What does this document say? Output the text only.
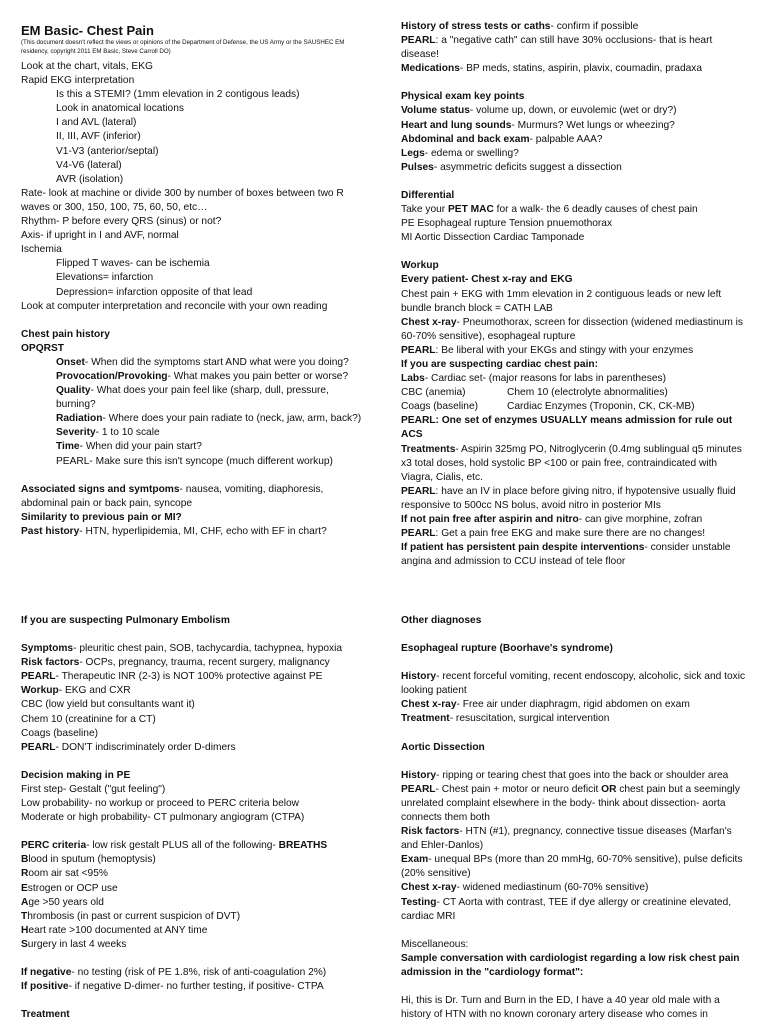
EM Basic- Chest Pain
(This document doesn't reflect the views or opinions of the Department of Defense, the US Army or the SAUSHEC EM residency, copyright 2011 EM Basic, Steve Carroll DO)
Look at the chart, vitals, EKG
Rapid EKG interpretation
Is this a STEMI? (1mm elevation in 2 contigous leads)
Look in anatomical locations
I and AVL (lateral)
II, III, AVF (inferior)
V1-V3 (anterior/septal)
V4-V6 (lateral)
AVR (isolation)
Rate- look at machine or divide 300 by number of boxes between two R waves or 300, 150, 100, 75, 60, 50, etc…
Rhythm- P before every QRS (sinus) or not?
Axis- if upright in I and AVF, normal
Ischemia
Flipped T waves- can be ischemia
Elevations= infarction
Depression= infarction opposite of that lead
Look at computer interpretation and reconcile with your own reading
Chest pain history
OPQRST
Onset- When did the symptoms start AND what were you doing?
Provocation/Provoking- What makes you pain better or worse?
Quality- What does your pain feel like (sharp, dull, pressure, burning?
Radiation- Where does your pain radiate to (neck, jaw, arm, back?)
Severity- 1 to 10 scale
Time- When did your pain start?
PEARL- Make sure this isn't syncope (much different workup)
Associated signs and symtpoms- nausea, vomiting, diaphoresis, abdominal pain or back pain, syncope
Similarity to previous pain or MI?
Past history- HTN, hyperlipidemia, MI, CHF, echo with EF in chart?
History of stress tests or caths- confirm if possible
PEARL: a "negative cath" can still have 30% occlusions- that is heart disease!
Medications- BP meds, statins, aspirin, plavix, coumadin, pradaxa
Physical exam key points
Volume status- volume up, down, or euvolemic (wet or dry?)
Heart and lung sounds- Murmurs? Wet lungs or wheezing?
Abdominal and back exam- palpable AAA?
Legs- edema or swelling?
Pulses- asymmetric deficits suggest a dissection
Differential
Take your PET MAC for a walk- the 6 deadly causes of chest pain
PE Esophageal rupture Tension pnuemothorax
MI Aortic Dissection Cardiac Tamponade
Workup
Every patient- Chest x-ray and EKG
Chest pain + EKG with 1mm elevation in 2 contiguous leads or new left bundle branch block = CATH LAB
Chest x-ray- Pneumothorax, screen for dissection (widened mediastinum is 60-70% sensitive), esophageal rupture
PEARL: Be liberal with your EKGs and stingy with your enzymes
If you are suspecting cardiac chest pain:
Labs- Cardiac set- (major reasons for labs in parentheses)
CBC (anemia)	Chem 10 (electrolyte abnormalities)
Coags (baseline)	Cardiac Enzymes (Troponin, CK, CK-MB)
PEARL: One set of enzymes USUALLY means admission for rule out ACS
Treatments- Aspirin 325mg PO, Nitroglycerin (0.4mg sublingual q5 minutes x3 total doses, hold systolic BP <100 or pain free, contraindicated with Viagra, Cialis, etc.
PEARL: have an IV in place before giving nitro, if hypotensive usually fluid responsive to 500cc NS bolus, avoid nitro in posterior MIs
If not pain free after aspirin and nitro- can give morphine, zofran
PEARL: Get a pain free EKG and make sure there are no changes!
If patient has persistent pain despite interventions- consider unstable angina and admission to CCU instead of tele floor
If you are suspecting Pulmonary Embolism
Symptoms- pleuritic chest pain, SOB, tachycardia, tachypnea, hypoxia
Risk factors- OCPs, pregnancy, trauma, recent surgery, malignancy
PEARL- Therapeutic INR (2-3) is NOT 100% protective against PE
Workup- EKG and CXR
CBC (low yield but consultants want it)
Chem 10 (creatinine for a CT)
Coags (baseline)
PEARL- DON'T indiscriminately order D-dimers
Decision making in PE
First step- Gestalt ("gut feeling")
Low probability- no workup or proceed to PERC criteria below
Moderate or high probability- CT pulmonary angiogram (CTPA)
PERC criteria- low risk gestalt PLUS all of the following- BREATHS
Blood in sputum (hemoptysis)
Room air sat <95%
Estrogen or OCP use
Age >50 years old
Thrombosis (in past or current suspicion of DVT)
Heart rate >100 documented at ANY time
Surgery in last 4 weeks
If negative- no testing (risk of PE 1.8%, risk of anti-coagulation 2%)
If positive- if negative D-dimer- no further testing, if positive- CTPA
Treatment
Other diagnoses
Esophageal rupture (Boorhave's syndrome)
History- recent forceful vomiting, recent endoscopy, alcoholic, sick and toxic looking patient
Chest x-ray- Free air under diaphragm, rigid abdomen on exam
Treatment- resuscitation, surgical intervention
Aortic Dissection
History- ripping or tearing chest that goes into the back or shoulder area
PEARL- Chest pain + motor or neuro deficit OR chest pain but a seemingly unrelated complaint elsewhere in the body- think about dissection- aorta connects them both
Risk factors- HTN (#1), pregnancy, connective tissue diseases (Marfan's and Ehler-Danlos)
Exam- unequal BPs (more than 20 mmHg, 60-70% sensitive), pulse deficits (20% sensitive)
Chest x-ray- widened mediastinum (60-70% sensitive)
Testing- CT Aorta with contrast, TEE if dye allergy or creatinine elevated, cardiac MRI
Miscellaneous:
Sample conversation with cardiologist regarding a low risk chest pain admission in the "cardiology format":
Hi, this is Dr. Turn and Burn in the ED, I have a 40 year old male with a history of HTN with no known coronary artery disease who comes in
